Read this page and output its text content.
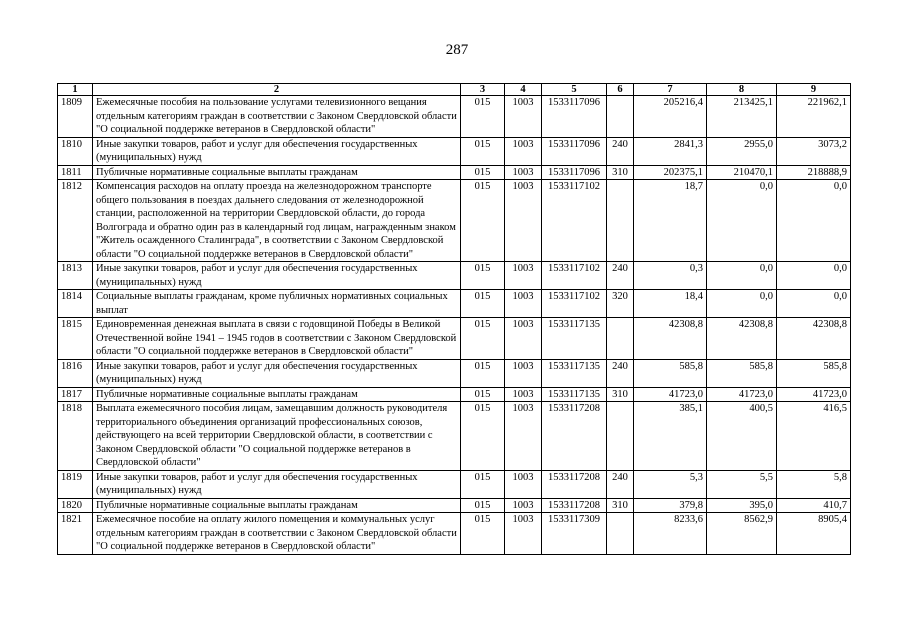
287
1	2	3	4	5	6	7	8	9
1809	Ежемесячные пособия на пользование услугами телевизионного вещания отдельным категориям граждан в соответствии с Законом Свердловской области "О социальной поддержке ветеранов в Свердловской области"	015	1003	1533117096		205216,4	213425,1	221962,1
1810	Иные закупки товаров, работ и услуг для обеспечения государственных (муниципальных) нужд	015	1003	1533117096	240	2841,3	2955,0	3073,2
1811	Публичные нормативные социальные выплаты гражданам	015	1003	1533117096	310	202375,1	210470,1	218888,9
1812	Компенсация расходов на оплату проезда на железнодорожном транспорте общего пользования в поездах дальнего следования от железнодорожной станции, расположенной на территории Свердловской области, до города Волгограда и обратно один раз в календарный год лицам, награжденным знаком "Житель осажденного Сталинграда", в соответствии с Законом Свердловской области "О социальной поддержке ветеранов в Свердловской области"	015	1003	1533117102		18,7	0,0	0,0
1813	Иные закупки товаров, работ и услуг для обеспечения государственных (муниципальных) нужд	015	1003	1533117102	240	0,3	0,0	0,0
1814	Социальные выплаты гражданам, кроме публичных нормативных социальных выплат	015	1003	1533117102	320	18,4	0,0	0,0
1815	Единовременная денежная выплата в связи с годовщиной Победы в Великой Отечественной войне 1941 – 1945 годов в соответствии с Законом Свердловской области "О социальной поддержке ветеранов в Свердловской области"	015	1003	1533117135		42308,8	42308,8	42308,8
1816	Иные закупки товаров, работ и услуг для обеспечения государственных (муниципальных) нужд	015	1003	1533117135	240	585,8	585,8	585,8
1817	Публичные нормативные социальные выплаты гражданам	015	1003	1533117135	310	41723,0	41723,0	41723,0
1818	Выплата ежемесячного пособия лицам, замещавшим должность руководителя территориального объединения организаций профессиональных союзов, действующего на всей территории Свердловской области, в соответствии с Законом Свердловской области "О социальной поддержке ветеранов в Свердловской области"	015	1003	1533117208		385,1	400,5	416,5
1819	Иные закупки товаров, работ и услуг для обеспечения государственных (муниципальных) нужд	015	1003	1533117208	240	5,3	5,5	5,8
1820	Публичные нормативные социальные выплаты гражданам	015	1003	1533117208	310	379,8	395,0	410,7
1821	Ежемесячное пособие на оплату жилого помещения и коммунальных услуг отдельным категориям граждан в соответствии с Законом Свердловской области "О социальной поддержке ветеранов в Свердловской области"	015	1003	1533117309		8233,6	8562,9	8905,4
